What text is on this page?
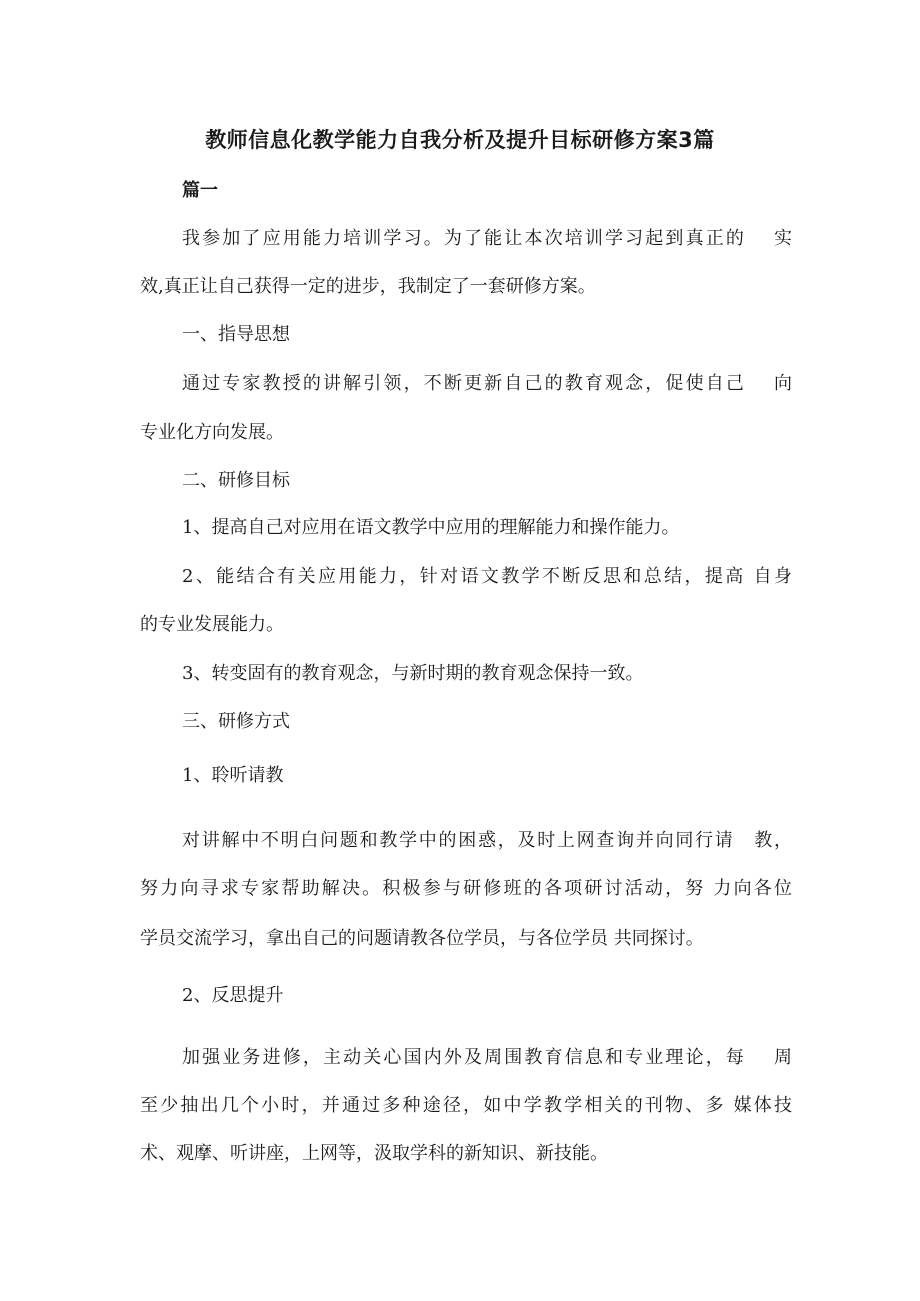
教师信息化教学能力自我分析及提升目标研修方案3篇
篇一
我参加了应用能力培训学习。为了能让本次培训学习起到真正的　 实
效,真正让自己获得一定的进步，我制定了一套研修方案。
一、指导思想
通过专家教授的讲解引领，不断更新自己的教育观念，促使自己　 向
专业化方向发展。
二、研修目标
1、提高自己对应用在语文教学中应用的理解能力和操作能力。
2、能结合有关应用能力，针对语文教学不断反思和总结，提高 自身
的专业发展能力。
3、转变固有的教育观念，与新时期的教育观念保持一致。
三、研修方式
1、聆听请教
对讲解中不明白问题和教学中的困惑，及时上网查询并向同行请　教，
努力向寻求专家帮助解决。积极参与研修班的各项研讨活动，努 力向各位
学员交流学习，拿出自己的问题请教各位学员，与各位学员 共同探讨。
2、反思提升
加强业务进修，主动关心国内外及周围教育信息和专业理论，每　 周
至少抽出几个小时，并通过多种途径，如中学教学相关的刊物、多 媒体技
术、观摩、听讲座，上网等，汲取学科的新知识、新技能。
